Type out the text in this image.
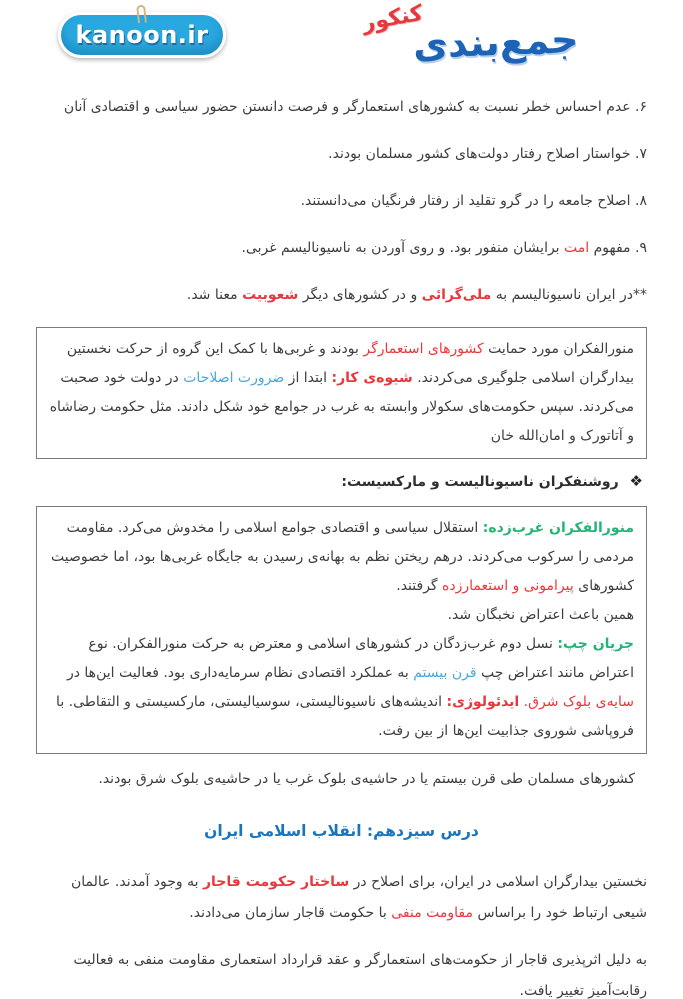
kanoon.ir	کنکور
جمع‌بندی

۶. عدم احساس خطر نسبت به کشورهای استعمارگر و فرصت دانستن حضور سیاسی و اقتصادی آنان

۷. خواستار اصلاح رفتار دولت‌های کشور مسلمان بودند.

۸. اصلاح جامعه را در گرو تقلید از رفتار فرنگیان می‌دانستند.

۹. مفهوم امت برایشان منفور بود. و روی آوردن به ناسیونالیسم غربی.

**در ایران ناسیونالیسم به ملی‌گرائی و در کشورهای دیگر شعوبیت معنا شد.

منورالفکران مورد حمایت کشورهای استعمارگر بودند و غربی‌ها با کمک این گروه از حرکت نخستین بیدارگران اسلامی جلوگیری می‌کردند. شیوه‌ی کار: ابتدا از ضرورت اصلاحات در دولت خود صحبت می‌کردند. سپس حکومت‌های سکولار وابسته به غرب در جوامع خود شکل دادند. مثل حکومت رضاشاه و آتاتورک و امان‌الله خان

❖ روشنفکران ناسیونالیست و مارکسیست:

منورالفکران غرب‌زده: استقلال سیاسی و اقتصادی جوامع اسلامی را مخدوش می‌کرد. مقاومت مردمی را سرکوب می‌کردند. درهم ریختن نظم به بهانه‌ی رسیدن به جایگاه غربی‌ها بود، اما خصوصیت کشورهای پیرامونی و استعمارزده گرفتند.

همین باعث اعتراض نخبگان شد.

جریان چپ: نسل دوم غرب‌زدگان در کشورهای اسلامی و معترض به حرکت منورالفکران. نوع اعتراض مانند اعتراض چپ قرن بیستم به عملکرد اقتصادی نظام سرمایه‌داری بود. فعالیت این‌ها در سایه‌ی بلوک شرق. ایدئولوژی: اندیشه‌های ناسیونالیستی، سوسیالیستی، مارکسیستی و التقاطی. با فروپاشی شوروی جذابیت این‌ها از بین رفت.

کشورهای مسلمان طی قرن بیستم یا در حاشیه‌ی بلوک غرب یا در حاشیه‌ی بلوک شرق بودند.

درس سیزدهم: انقلاب اسلامی ایران

نخستین بیدارگران اسلامی در ایران، برای اصلاح در ساختار حکومت قاجار به وجود آمدند. عالمان شیعی ارتباط خود را براساس مقاومت منفی با حکومت قاجار سازمان می‌دادند.

به دلیل اثرپذیری قاجار از حکومت‌های استعمارگر و عقد قرارداد استعماری مقاومت منفی به فعالیت رقابت‌آمیز تغییر یافت.
